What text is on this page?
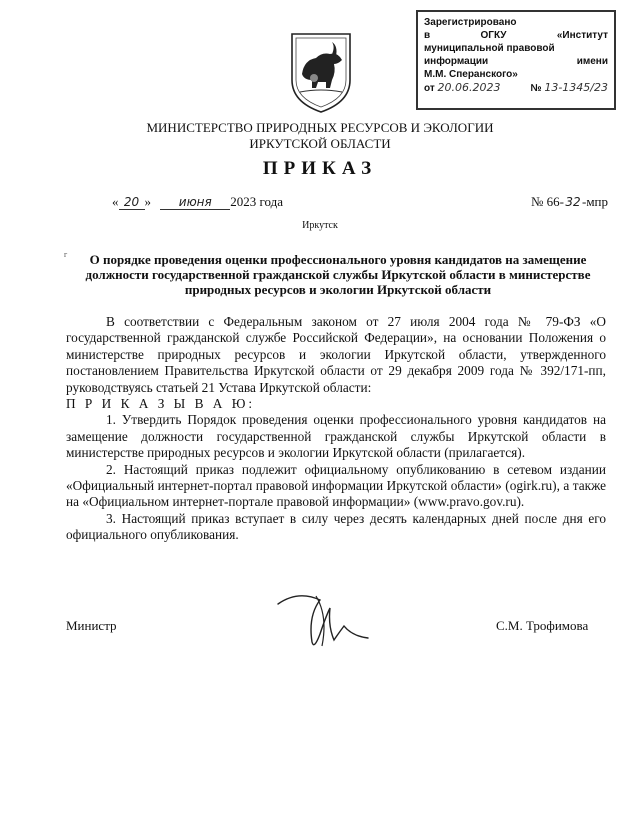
Зарегистрировано
в	ОГКУ	«Институт
муниципальной правовой
информации	имени
М.М. Сперанского»
от 20.06.2023	№ 13-1345/23
МИНИСТЕРСТВО ПРИРОДНЫХ РЕСУРСОВ И ЭКОЛОГИИ
ИРКУТСКОЙ ОБЛАСТИ
ПРИКАЗ
« 20 » июня 2023 года	№ 66-32-мпр
Иркутск
г	О порядке проведения оценки профессионального уровня кандидатов на замещение должности государственной гражданской службы Иркутской области в министерстве природных ресурсов и экологии Иркутской области

В соответствии с Федеральным законом от 27 июля 2004 года № 79-ФЗ «О государственной гражданской службе Российской Федерации», на основании Положения о министерстве природных ресурсов и экологии Иркутской области, утвержденного постановлением Правительства Иркутской области от 29 декабря 2009 года № 392/171-пп, руководствуясь статьей 21 Устава Иркутской области:

П Р И К А З Ы В А Ю:

1. Утвердить Порядок проведения оценки профессионального уровня кандидатов на замещение должности государственной гражданской службы Иркутской области в министерстве природных ресурсов и экологии Иркутской области (прилагается).

2. Настоящий приказ подлежит официальному опубликованию в сетевом издании «Официальный интернет-портал правовой информации Иркутской области» (ogirk.ru), а также на «Официальном интернет-портале правовой информации» (www.pravo.gov.ru).

3. Настоящий приказ вступает в силу через десять календарных дней после дня его официального опубликования.

Министр	С.М. Трофимова
